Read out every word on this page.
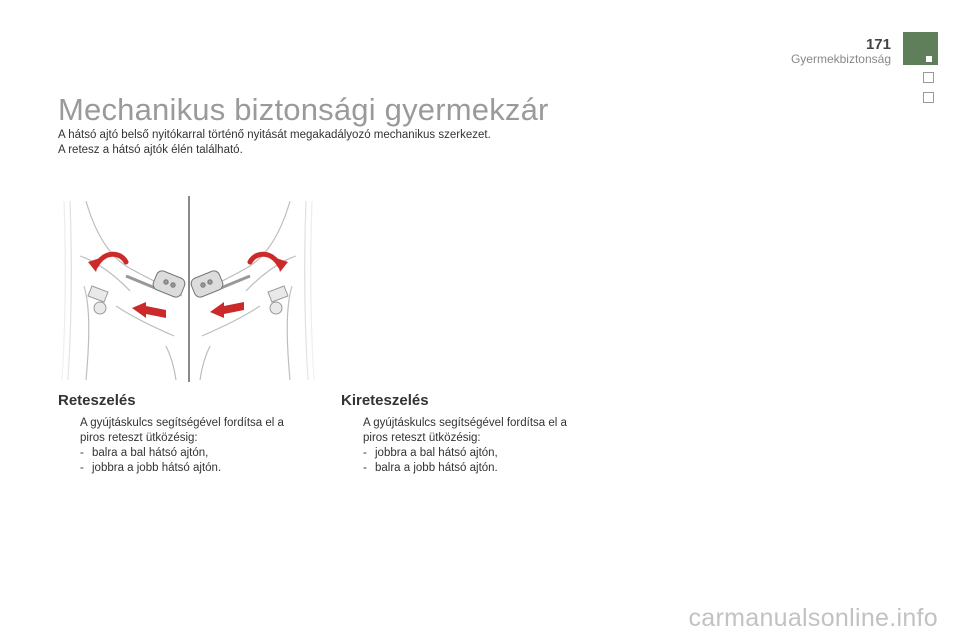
171
Gyermekbiztonság
Mechanikus biztonsági gyermekzár
A hátsó ajtó belső nyitókarral történő nyitását megakadályozó mechanikus szerkezet.
A retesz a hátsó ajtók élén található.
Reteszelés
A gyújtáskulcs segítségével fordítsa el a piros reteszt ütközésig:
- balra a bal hátsó ajtón,
- jobbra a jobb hátsó ajtón.
Kireteszelés
A gyújtáskulcs segítségével fordítsa el a piros reteszt ütközésig:
- jobbra a bal hátsó ajtón,
- balra a jobb hátsó ajtón.
carmanualsonline.info
